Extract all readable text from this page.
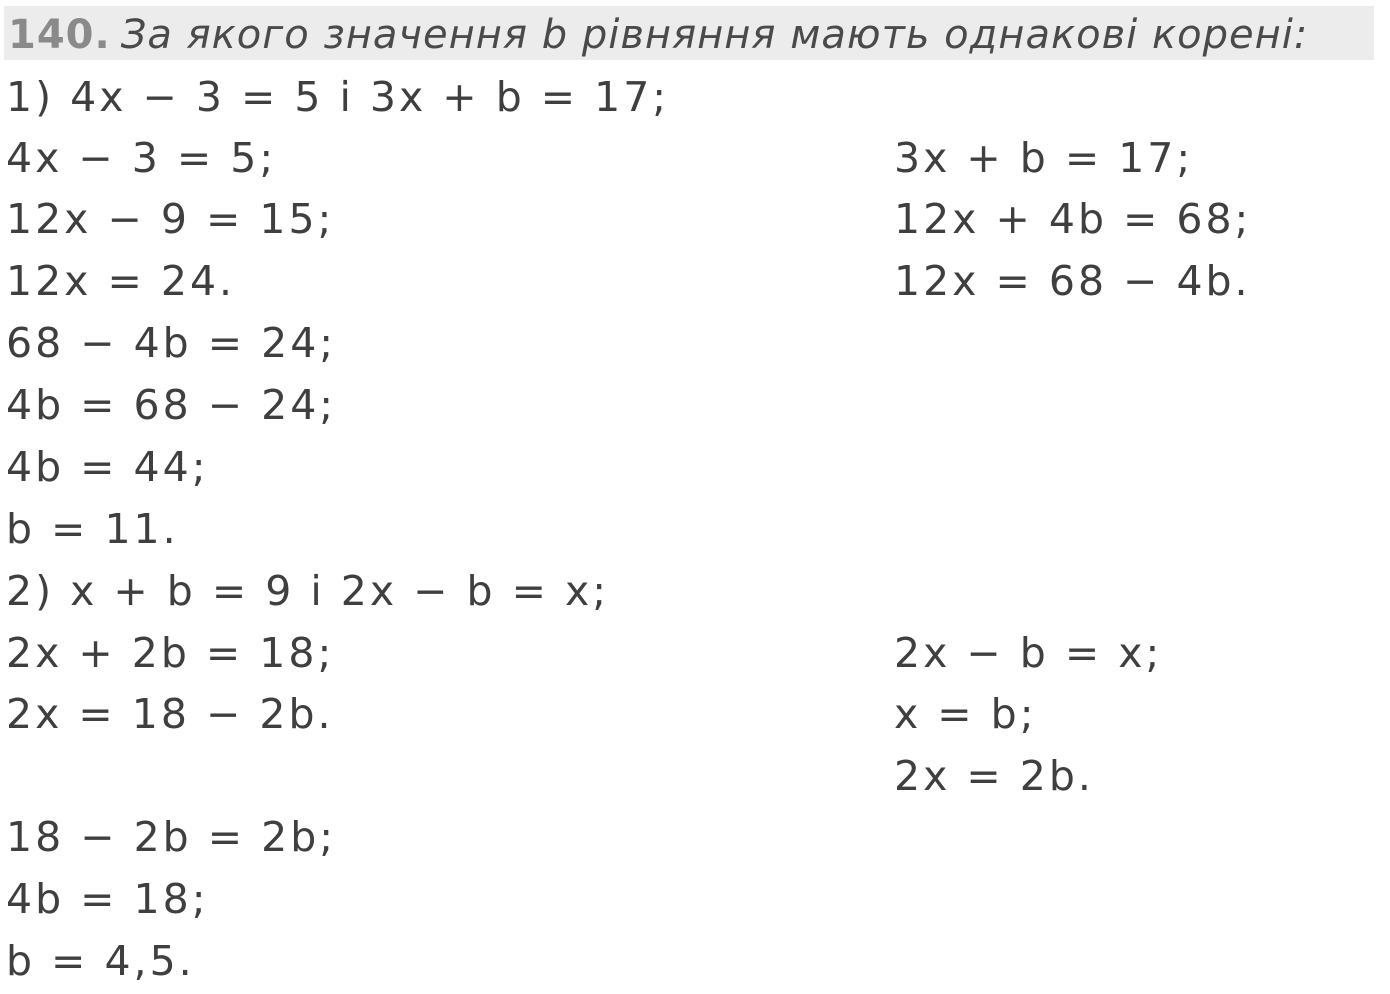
140. За якого значення b рівняння мають однакові корені:
1) 4x − 3 = 5 і 3x + b = 17;
4x − 3 = 5;
12x − 9 = 15;
12x = 24.
68 − 4b = 24;
4b = 68 − 24;
4b = 44;
b = 11.
3x + b = 17;
12x + 4b = 68;
12x = 68 − 4b.
2) x + b = 9 і 2x − b = x;
2x + 2b = 18;
2x = 18 − 2b.
18 − 2b = 2b;
4b = 18;
b = 4,5.
2x − b = x;
x = b;
2x = 2b.
